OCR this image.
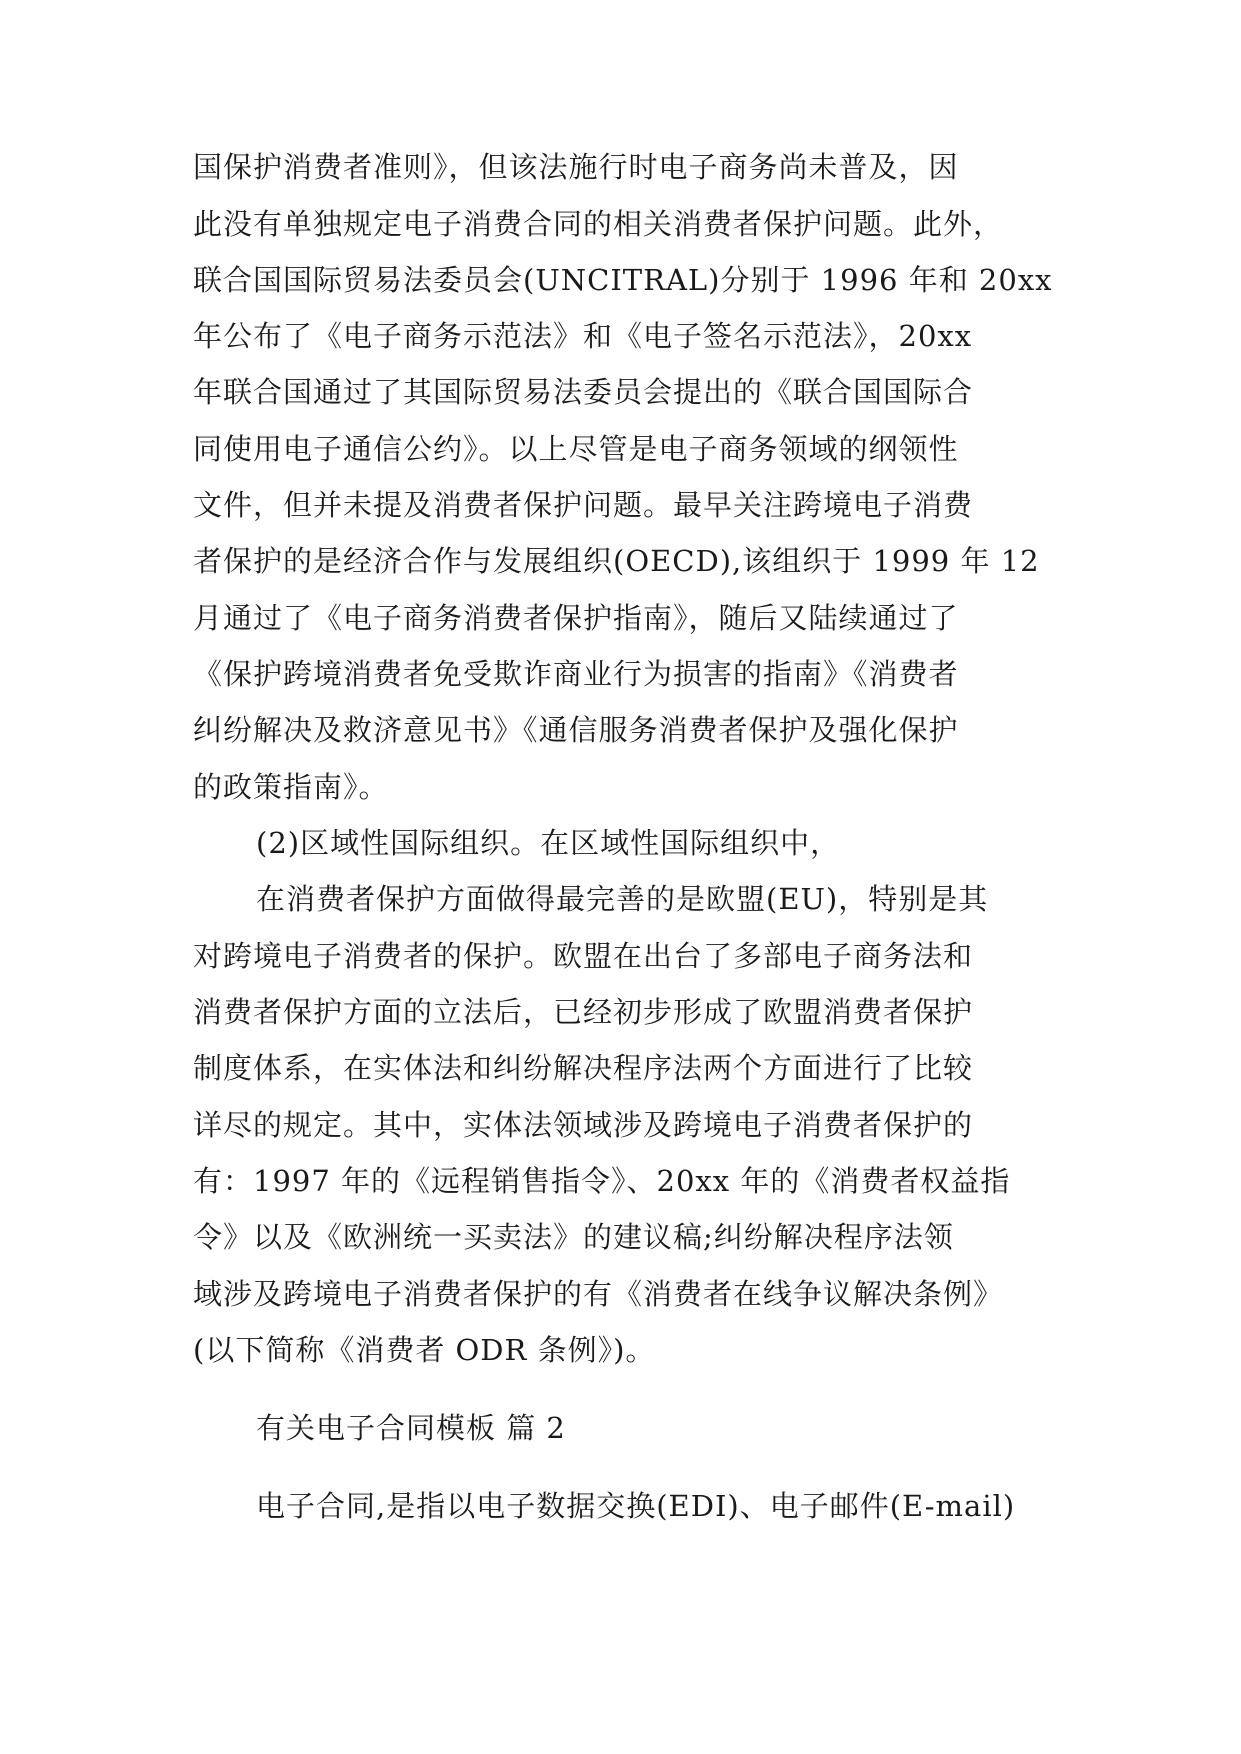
国保护消费者准则》，但该法施行时电子商务尚未普及，因
此没有单独规定电子消费合同的相关消费者保护问题。此外，
联合国国际贸易法委员会(UNCITRAL)分别于 1996 年和 20xx
年公布了《电子商务示范法》和《电子签名示范法》，20xx
年联合国通过了其国际贸易法委员会提出的《联合国国际合
同使用电子通信公约》。以上尽管是电子商务领域的纲领性
文件，但并未提及消费者保护问题。最早关注跨境电子消费
者保护的是经济合作与发展组织(OECD),该组织于 1999 年 12
月通过了《电子商务消费者保护指南》，随后又陆续通过了
《保护跨境消费者免受欺诈商业行为损害的指南》《消费者
纠纷解决及救济意见书》《通信服务消费者保护及强化保护
的政策指南》。
(2)区域性国际组织。在区域性国际组织中，
在消费者保护方面做得最完善的是欧盟(EU)，特别是其
对跨境电子消费者的保护。欧盟在出台了多部电子商务法和
消费者保护方面的立法后，已经初步形成了欧盟消费者保护
制度体系，在实体法和纠纷解决程序法两个方面进行了比较
详尽的规定。其中，实体法领域涉及跨境电子消费者保护的
有：1997 年的《远程销售指令》、20xx 年的《消费者权益指
令》以及《欧洲统一买卖法》的建议稿;纠纷解决程序法领
域涉及跨境电子消费者保护的有《消费者在线争议解决条例》
(以下简称《消费者 ODR 条例》)。
有关电子合同模板 篇 2
电子合同,是指以电子数据交换(EDI)、电子邮件(E-mail)
